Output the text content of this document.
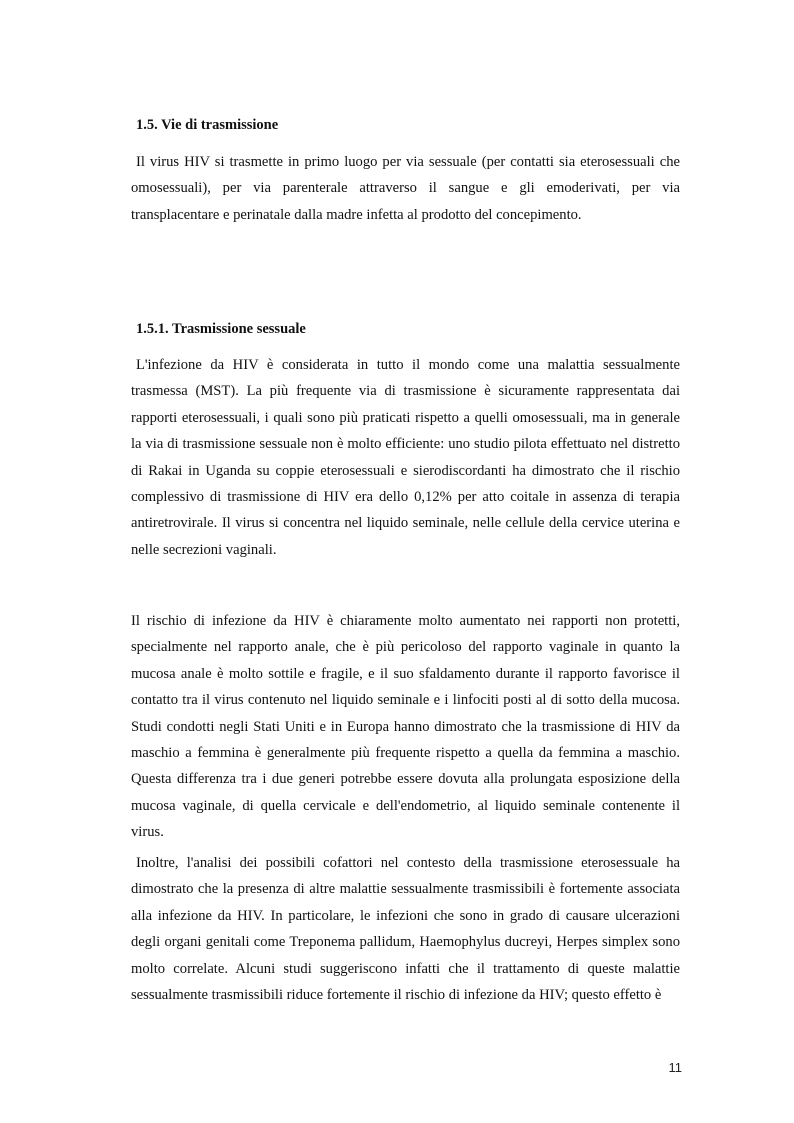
1.5. Vie di trasmissione

Il virus HIV si trasmette in primo luogo per via sessuale (per contatti sia eterosessuali che omosessuali), per via parenterale attraverso il sangue e gli emoderivati, per via transplacentare e perinatale dalla madre infetta al prodotto del concepimento.

1.5.1. Trasmissione sessuale

L'infezione da HIV è considerata in tutto il mondo come una malattia sessualmente trasmessa (MST). La più frequente via di trasmissione è sicuramente rappresentata dai rapporti eterosessuali, i quali sono più praticati rispetto a quelli omosessuali, ma in generale la via di trasmissione sessuale non è molto efficiente: uno studio pilota effettuato nel distretto di Rakai in Uganda su coppie eterosessuali e sierodiscordanti ha dimostrato che il rischio complessivo di trasmissione di HIV era dello 0,12% per atto coitale in assenza di terapia antiretrovirale. Il virus si concentra nel liquido seminale, nelle cellule della cervice uterina e nelle secrezioni vaginali.

Il rischio di infezione da HIV è chiaramente molto aumentato nei rapporti non protetti, specialmente nel rapporto anale, che è più pericoloso del rapporto vaginale in quanto la mucosa anale è molto sottile e fragile, e il suo sfaldamento durante il rapporto favorisce il contatto tra il virus contenuto nel liquido seminale e i linfociti posti al di sotto della mucosa. Studi condotti negli Stati Uniti e in Europa hanno dimostrato che la trasmissione di HIV da maschio a femmina è generalmente più frequente rispetto a quella da femmina a maschio. Questa differenza tra i due generi potrebbe essere dovuta alla prolungata esposizione della mucosa vaginale, di quella cervicale e dell'endometrio, al liquido seminale contenente il virus.

Inoltre, l'analisi dei possibili cofattori nel contesto della trasmissione eterosessuale ha dimostrato che la presenza di altre malattie sessualmente trasmissibili è fortemente associata alla infezione da HIV. In particolare, le infezioni che sono in grado di causare ulcerazioni degli organi genitali come Treponema pallidum, Haemophylus ducreyi, Herpes simplex sono molto correlate. Alcuni studi suggeriscono infatti che il trattamento di queste malattie sessualmente trasmissibili riduce fortemente il rischio di infezione da HIV; questo effetto è

11
